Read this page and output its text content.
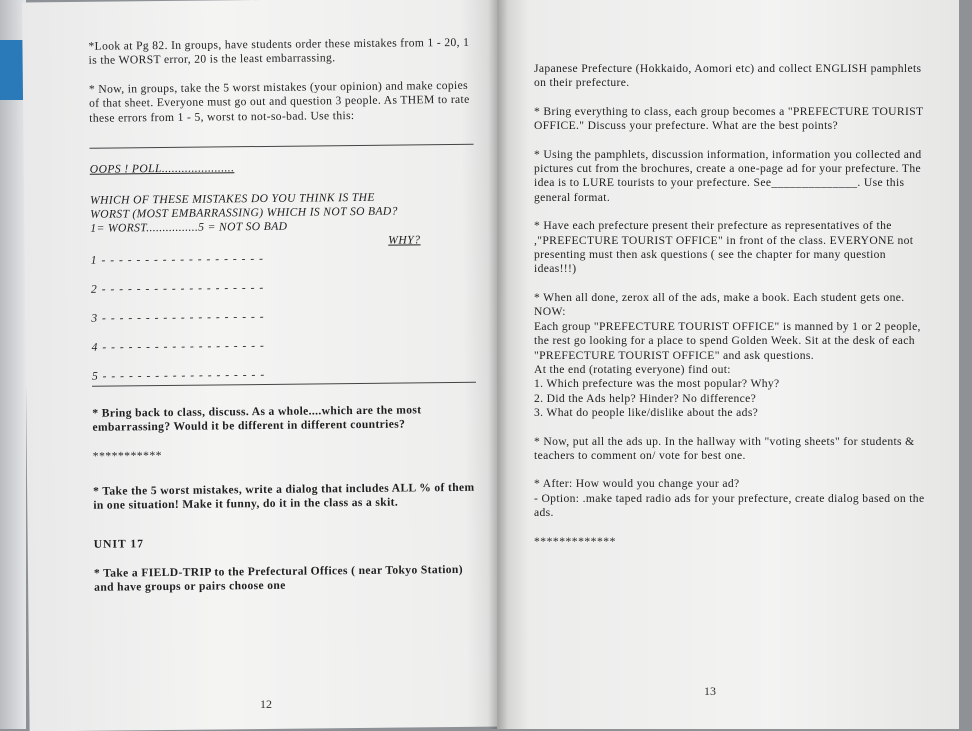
*Look at Pg 82. In groups, have students order these mistakes from 1 - 20, 1 is the WORST error, 20 is the least embarrassing.

* Now, in groups, take the 5 worst mistakes (your opinion) and make copies of that sheet. Everyone must go out and question 3 people. As THEM to rate these errors from 1 - 5, worst to not-so-bad. Use this:

OOPS ! POLL......................

WHICH OF THESE MISTAKES DO YOU THINK IS THE

WORST (MOST EMBARRASSING) WHICH IS NOT SO BAD?

1= WORST................5 = NOT SO BAD

WHY?

1 - - - - - - - - - - - - - - - - - - -

2 - - - - - - - - - - - - - - - - - - -

3 - - - - - - - - - - - - - - - - - - -

4 - - - - - - - - - - - - - - - - - - -

5 - - - - - - - - - - - - - - - - - - -

* Bring back to class, discuss. As a whole....which are the most embarrassing? Would it be different in different countries?

***********

* Take the 5 worst mistakes, write a dialog that includes ALL % of them in one situation! Make it funny, do it in the class as a skit.

UNIT 17

* Take a FIELD-TRIP to the Prefectural Offices ( near Tokyo Station) and have groups or pairs choose one

12

Japanese Prefecture (Hokkaido, Aomori etc) and collect ENGLISH pamphlets on their prefecture.

* Bring everything to class, each group becomes a "PREFECTURE TOURIST OFFICE." Discuss your prefecture. What are the best points?

* Using the pamphlets, discussion information, information you collected and pictures cut from the brochures, create a one-page ad for your prefecture. The idea is to LURE tourists to your prefecture. See______________. Use this general format.

* Have each prefecture present their prefecture as representatives of the ,"PREFECTURE TOURIST OFFICE" in front of the class. EVERYONE not presenting must then ask questions ( see the chapter for many question ideas!!!)

* When all done, zerox all of the ads, make a book. Each student gets one.

NOW:

Each group "PREFECTURE TOURIST OFFICE" is manned by 1 or 2 people, the rest go looking for a place to spend Golden Week. Sit at the desk of each "PREFECTURE TOURIST OFFICE" and ask questions.

At the end (rotating everyone) find out:

1. Which prefecture was the most popular? Why?

2. Did the Ads help? Hinder? No difference?

3. What do people like/dislike about the ads?

* Now, put all the ads up. In the hallway with "voting sheets" for students & teachers to comment on/ vote for best one.

* After: How would you change your ad?

- Option: .make taped radio ads for your prefecture, create dialog based on the ads.

*************

13
